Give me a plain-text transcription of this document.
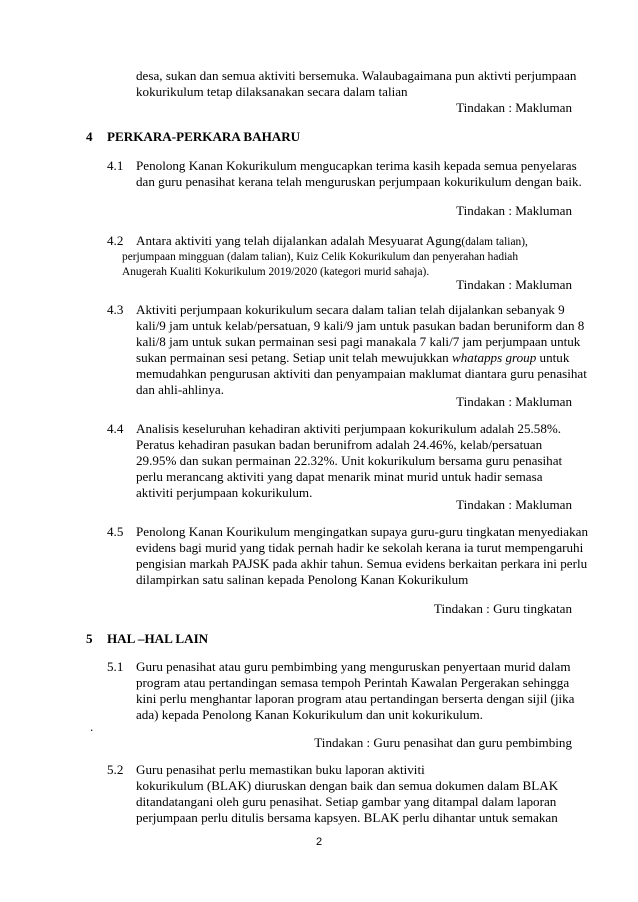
desa, sukan dan semua aktiviti bersemuka. Walaubagaimana pun aktivti perjumpaan
kokurikulum tetap dilaksanakan secara dalam talian
Tindakan : Makluman
4 PERKARA-PERKARA BAHARU
4.1 Penolong Kanan Kokurikulum mengucapkan terima kasih kepada semua penyelaras
dan guru penasihat kerana telah menguruskan perjumpaan kokurikulum dengan baik.
Tindakan : Makluman
4.2 Antara aktiviti yang telah dijalankan adalah Mesyuarat Agung(dalam talian),
perjumpaan mingguan (dalam talian), Kuiz Celik Kokurikulum dan penyerahan hadiah
Anugerah Kualiti Kokurikulum 2019/2020 (kategori murid sahaja).
Tindakan : Makluman
4.3 Aktiviti perjumpaan kokurikulum secara dalam talian telah dijalankan sebanyak 9
kali/9 jam untuk kelab/persatuan, 9 kali/9 jam untuk pasukan badan beruniform dan 8
kali/8 jam untuk sukan permainan sesi pagi manakala 7 kali/7 jam perjumpaan untuk
sukan permainan sesi petang. Setiap unit telah mewujukkan whatapps group untuk
memudahkan pengurusan aktiviti dan penyampaian maklumat diantara guru penasihat
dan ahli-ahlinya.
Tindakan : Makluman
4.4 Analisis keseluruhan kehadiran aktiviti perjumpaan kokurikulum adalah 25.58%.
Peratus kehadiran pasukan badan berunifrom adalah 24.46%, kelab/persatuan
29.95% dan sukan permainan 22.32%. Unit kokurikulum bersama guru penasihat
perlu merancang aktiviti yang dapat menarik minat murid untuk hadir semasa
aktiviti perjumpaan kokurikulum.
Tindakan : Makluman
4.5 Penolong Kanan Kourikulum mengingatkan supaya guru-guru tingkatan menyediakan
evidens bagi murid yang tidak pernah hadir ke sekolah kerana ia turut mempengaruhi
pengisian markah PAJSK pada akhir tahun. Semua evidens berkaitan perkara ini perlu
dilampirkan satu salinan kepada Penolong Kanan Kokurikulum
Tindakan : Guru tingkatan
5 HAL –HAL LAIN
5.1 Guru penasihat atau guru pembimbing yang menguruskan penyertaan murid dalam
program atau pertandingan semasa tempoh Perintah Kawalan Pergerakan sehingga
kini perlu menghantar laporan program atau pertandingan berserta dengan sijil (jika
ada) kepada Penolong Kanan Kokurikulum dan unit kokurikulum.
.
Tindakan : Guru penasihat dan guru pembimbing
5.2 Guru penasihat perlu memastikan buku laporan aktiviti
kokurikulum (BLAK) diuruskan dengan baik dan semua dokumen dalam BLAK
ditandatangani oleh guru penasihat. Setiap gambar yang ditampal dalam laporan
perjumpaan perlu ditulis bersama kapsyen. BLAK perlu dihantar untuk semakan
2
